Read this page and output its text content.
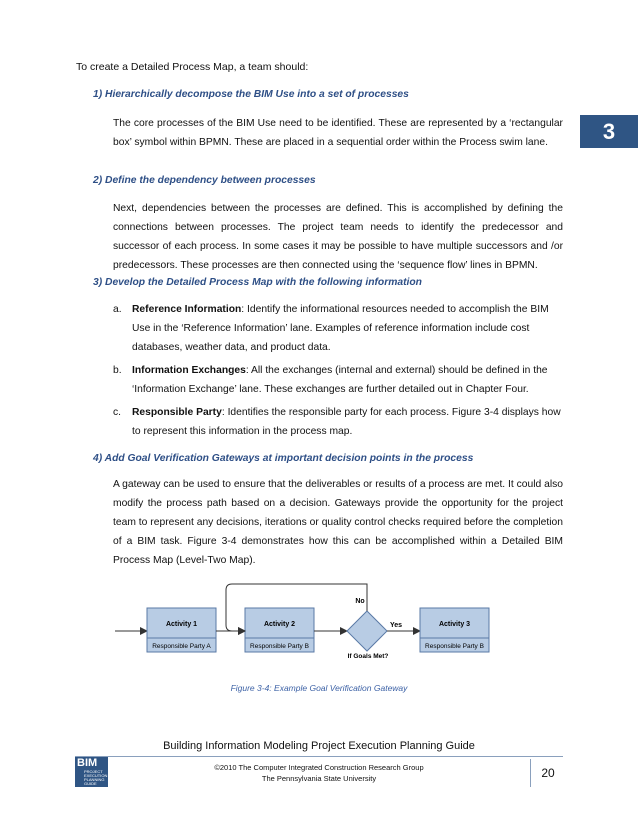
To create a Detailed Process Map, a team should:
3
1) Hierarchically decompose the BIM Use into a set of processes
The core processes of the BIM Use need to be identified. These are represented by a ‘rectangular box’ symbol within BPMN. These are placed in a sequential order within the Process swim lane.
2) Define the dependency between processes
Next, dependencies between the processes are defined. This is accomplished by defining the connections between processes. The project team needs to identify the predecessor and successor of each process. In some cases it may be possible to have multiple successors and /or predecessors. These processes are then connected using the ‘sequence flow’ lines in BPMN.
3) Develop the Detailed Process Map with the following information
a. Reference Information: Identify the informational resources needed to accomplish the BIM Use in the ‘Reference Information’ lane. Examples of reference information include cost databases, weather data, and product data.
b. Information Exchanges: All the exchanges (internal and external) should be defined in the ‘Information Exchange’ lane. These exchanges are further detailed out in Chapter Four.
c. Responsible Party: Identifies the responsible party for each process. Figure 3-4 displays how to represent this information in the process map.
4) Add Goal Verification Gateways at important decision points in the process
A gateway can be used to ensure that the deliverables or results of a process are met. It could also modify the process path based on a decision. Gateways provide the opportunity for the project team to represent any decisions, iterations or quality control checks required before the completion of a BIM task. Figure 3-4 demonstrates how this can be accomplished within a Detailed BIM Process Map (Level-Two Map).
Activity 1
Responsible Party A
Activity 2
Responsible Party B
If Goals Met?
No
Yes	Activity 3
Responsible Party B
Figure 3-4: Example Goal Verification Gateway
Building Information Modeling Project Execution Planning Guide
BIM
PROJECT EXECUTION PLANNING GUIDE
©2010 The Computer Integrated Construction Research Group
The Pennsylvania State University	20
